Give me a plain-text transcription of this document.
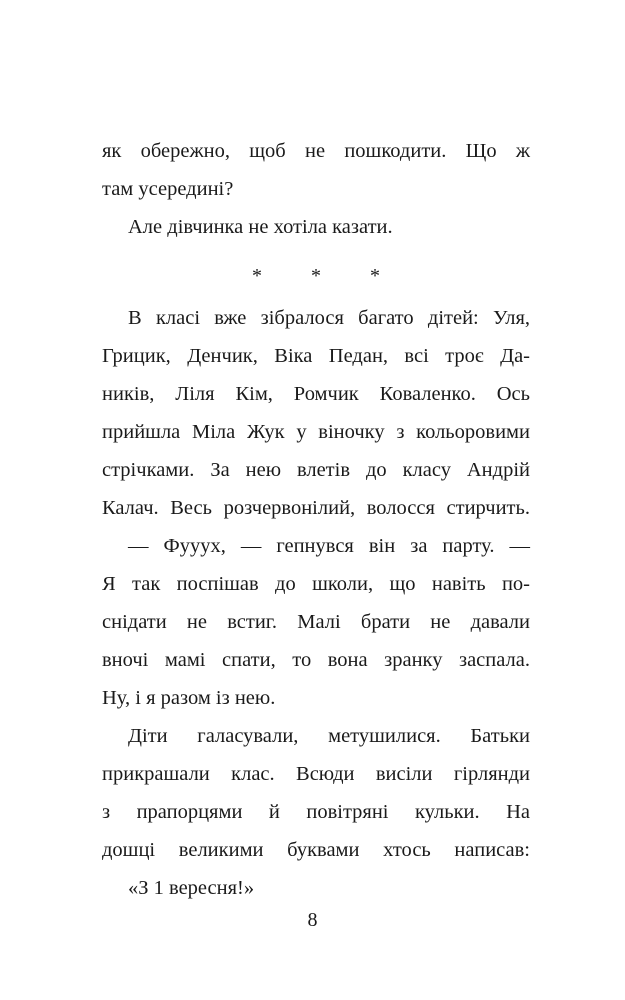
як обережно, щоб не пошкодити. Що ж
там усередині?
Але дівчинка не хотіла казати.
* * *
В класі вже зібралося багато дітей: Уля,
Грицик, Денчик, Віка Педан, всі троє Да-
ників, Ліля Кім, Ромчик Коваленко. Ось
прийшла Міла Жук у віночку з кольоровими
стрічками. За нею влетів до класу Андрій
Калач. Весь розчервонілий, волосся стирчить.
— Фууух, — гепнувся він за парту. —
Я так поспішав до школи, що навіть по-
снідати не встиг. Малі брати не давали
вночі мамі спати, то вона зранку заспала.
Ну, і я разом із нею.
Діти галасували, метушилися. Батьки
прикрашали клас. Всюди висіли гірлянди
з прапорцями й повітряні кульки. На
дошці великими буквами хтось написав:
«З 1 вересня!»
8
